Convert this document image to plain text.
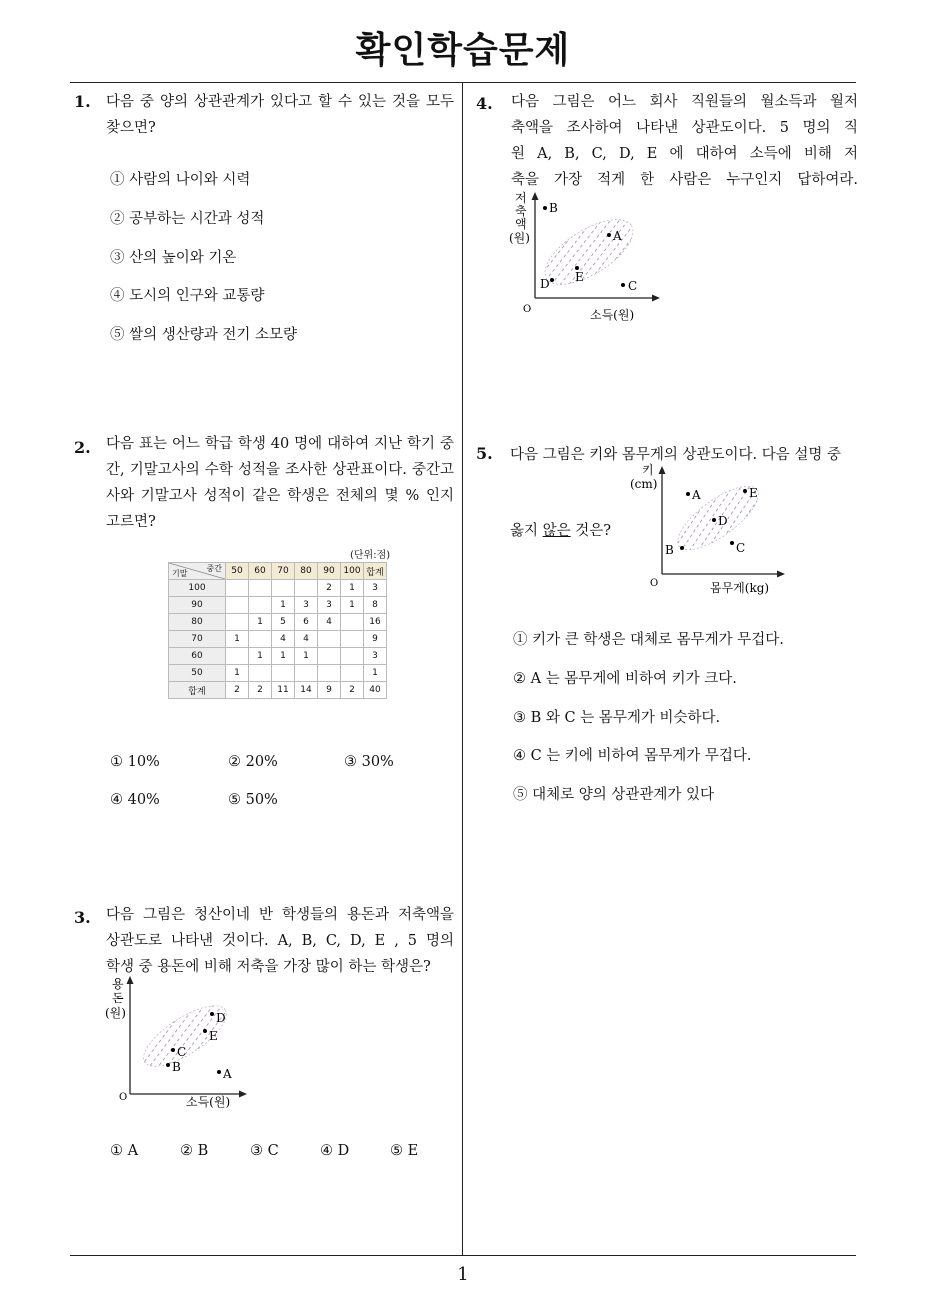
확인학습문제
1
1. 다음 중 양의 상관관계가 있다고 할 수 있는 것을 모두 찾으면?
① 사람의 나이와 시력
② 공부하는 시간과 성적
③ 산의 높이와 기온
④ 도시의 인구와 교통량
⑤ 쌀의 생산량과 전기 소모량
2. 다음 표는 어느 학급 학생 40 명에 대하여 지난 학기 중간, 기말고사의 수학 성적을 조사한 상관표이다. 중간고사와 기말고사 성적이 같은 학생은 전체의 몇 % 인지 고르면?
(단위:점)
중간
기말	50	60	70	80	90	100	합계
100					2	1	3
90			1	3	3	1	8
80		1	5	6	4		16
70	1		4	4			9
60		1	1	1			3
50	1						1
합계	2	2	11	14	9	2	40
① 10%	② 20%	③ 30%
④ 40%	⑤ 50%
3. 다음 그림은 청산이네 반 학생들의 용돈과 저축액을
상관도로 나타낸 것이다. A, B, C, D, E , 5 명의
학생 중 용돈에 비해 저축을 가장 많이 하는 학생은?
용
돈
(원)
O	소득(원)
D
E
C
B	A
① A	② B	③ C	④ D	⑤ E
4. 다음 그림은 어느 회사 직원들의 월소득과 월저
축액을 조사하여 나타낸 상관도이다. 5 명의 직
원 A, B, C, D, E 에 대하여 소득에 비해 저
축을 가장 적게 한 사람은 누구인지 답하여라.
저
축
액
(원)
O	소득(원)
B
A
D E
C
5. 다음 그림은 키와 몸무게의 상관도이다. 다음 설명 중
옳지 않은 것은?
키
(cm)
O	몸무게(kg)
A	E
D
B	C
① 키가 큰 학생은 대체로 몸무게가 무겁다.
② A 는 몸무게에 비하여 키가 크다.
③ B 와 C 는 몸무게가 비슷하다.
④ C 는 키에 비하여 몸무게가 무겁다.
⑤ 대체로 양의 상관관계가 있다
